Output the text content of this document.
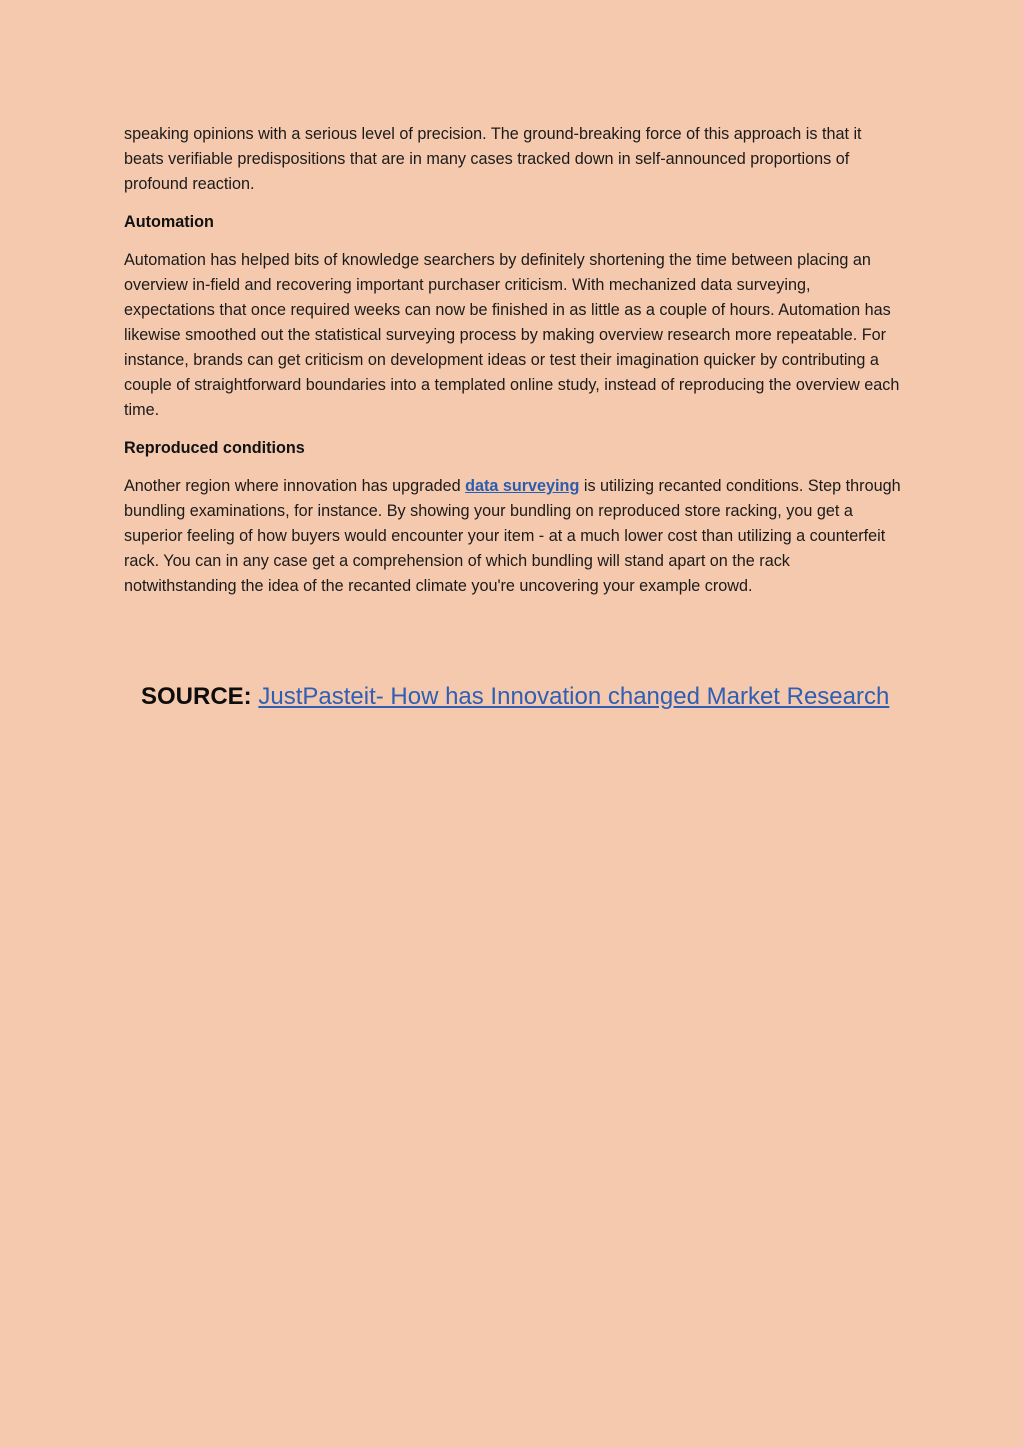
speaking opinions with a serious level of precision. The ground-breaking force of this approach is that it beats verifiable predispositions that are in many cases tracked down in self-announced proportions of profound reaction.

Automation

Automation has helped bits of knowledge searchers by definitely shortening the time between placing an overview in-field and recovering important purchaser criticism. With mechanized data surveying, expectations that once required weeks can now be finished in as little as a couple of hours. Automation has likewise smoothed out the statistical surveying process by making overview research more repeatable. For instance, brands can get criticism on development ideas or test their imagination quicker by contributing a couple of straightforward boundaries into a templated online study, instead of reproducing the overview each time.

Reproduced conditions

Another region where innovation has upgraded data surveying is utilizing recanted conditions. Step through bundling examinations, for instance. By showing your bundling on reproduced store racking, you get a superior feeling of how buyers would encounter your item - at a much lower cost than utilizing a counterfeit rack. You can in any case get a comprehension of which bundling will stand apart on the rack notwithstanding the idea of the recanted climate you're uncovering your example crowd.

SOURCE: JustPasteit- How has Innovation changed Market Research
